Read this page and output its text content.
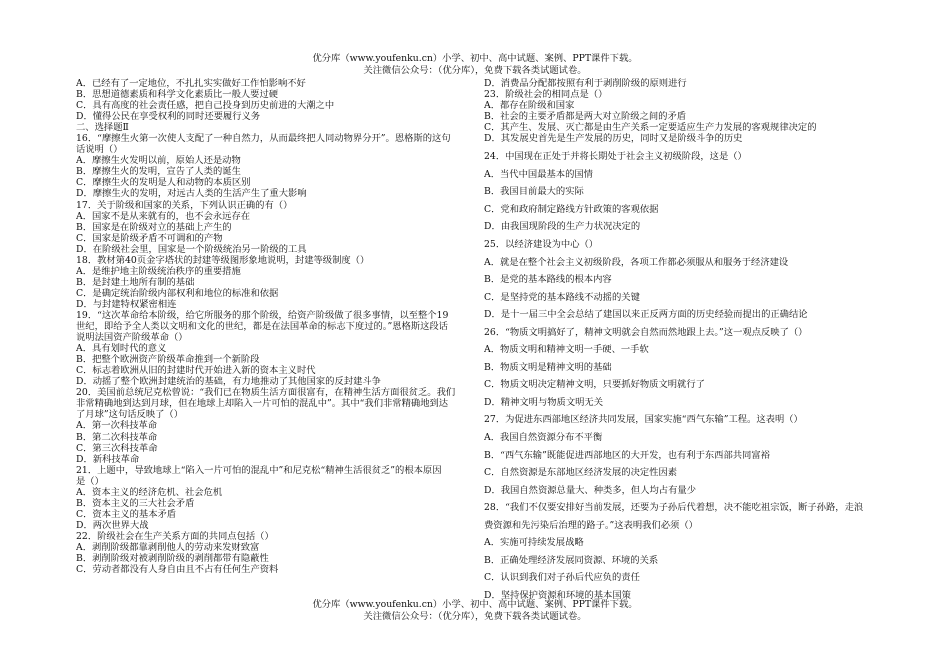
优分库（www.youfenku.cn）小学、初中、高中试题、案例、PPT课件下载。
关注微信公众号：（优分库），免费下载各类试题试卷。
A．已经有了一定地位，不扎扎实实做好工作怕影响不好
B．思想道德素质和科学文化素质比一般人要过硬
C．具有高度的社会责任感，把自己投身到历史前进的大潮之中
D．懂得公民在享受权利的同时还要履行义务
二、选择题Ⅱ
16．“摩擦生火第一次使人支配了一种自然力，从而最终把人同动物界分开”。恩格斯的这句
话说明（）
A．摩擦生火发明以前，原始人还是动物
B．摩擦生火的发明，宣告了人类的诞生
C．摩擦生火的发明是人和动物的本质区别
D．摩擦生火的发明，对远古人类的生活产生了重大影响
17．关于阶级和国家的关系，下列认识正确的有（）
A．国家不是从来就有的，也不会永远存在
B．国家是在阶级对立的基础上产生的
C．国家是阶级矛盾不可调和的产物
D．在阶级社会里，国家是一个阶级统治另一阶级的工具
18．教材第40页金字塔状的封建等级图形象地说明，封建等级制度（）
A．是维护地主阶级统治秩序的重要措施
B．是封建土地所有制的基础
C．是确定统治阶级内部权利和地位的标准和依据
D．与封建特权紧密相连
19．“这次革命给本阶级，给它所服务的那个阶级，给资产阶级做了很多事情，以至整个19
世纪，即给予全人类以文明和文化的世纪，都是在法国革命的标志下度过的。”恩格斯这段话
说明法国资产阶级革命（）
A．具有划时代的意义
B．把整个欧洲资产阶级革命推到一个新阶段
C．标志着欧洲从旧的封建时代开始进入新的资本主义时代
D．动摇了整个欧洲封建统治的基础，有力地推动了其他国家的反封建斗争
20．美国前总统尼克松曾说：“我们已在物质生活方面很富有，在精神生活方面很贫乏。我们
非常精确地到达到月球，但在地球上却陷入一片可怕的混乱中”。其中“我们非常精确地到达
了月球”这句话反映了（）
A．第一次科技革命
B．第二次科技革命
C．第三次科技革命
D．新科技革命
21．上题中，导致地球上“陷入一片可怕的混乱中”和尼克松“精神生活很贫乏”的根本原因
是（）
A．资本主义的经济危机、社会危机
B．资本主义的三大社会矛盾
C．资本主义的基本矛盾
D．两次世界大战
22．阶级社会在生产关系方面的共同点包括（）
A．剥削阶级都靠剥削他人的劳动来发财致富
B．剥削阶级对被剥削阶级的剥削都带有隐蔽性
C．劳动者都没有人身自由且不占有任何生产资料
D．消费品分配都按照有利于剥削阶级的原则进行
23．阶级社会的相同点是（）
A．都存在阶级和国家
B．社会的主要矛盾都是两大对立阶级之间的矛盾
C．其产生、发展、灭亡都是由生产关系一定要适应生产力发展的客观规律决定的
D．其发展史首先是生产发展的历史，同时又是阶级斗争的历史
24．中国现在正处于并将长期处于社会主义初级阶段，这是（）
A．当代中国最基本的国情
B．我国目前最大的实际
C．党和政府制定路线方针政策的客观依据
D．由我国现阶段的生产力状况决定的
25．以经济建设为中心（）
A．就是在整个社会主义初级阶段，各项工作都必须服从和服务于经济建设
B．是党的基本路线的根本内容
C．是坚持党的基本路线不动摇的关键
D．是十一届三中全会总结了建国以来正反两方面的历史经验而提出的正确结论
26．“物质文明搞好了，精神文明就会自然而然地跟上去。”这一观点反映了（）
A．物质文明和精神文明一手硬、一手软
B．物质文明是精神文明的基础
C．物质文明决定精神文明，只要抓好物质文明就行了
D．精神文明与物质文明无关
27．为促进东西部地区经济共同发展，国家实施“西气东输”工程。这表明（）
A．我国自然资源分布不平衡
B．“西气东输”既能促进西部地区的大开发，也有利于东西部共同富裕
C．自然资源是东部地区经济发展的决定性因素
D．我国自然资源总量大、种类多，但人均占有量少
28．“我们不仅要安排好当前发展，还要为子孙后代着想，决不能吃祖宗饭，断子孙路，走浪
费资源和先污染后治理的路子。”这表明我们必须（）
A．实施可持续发展战略
B．正确处理经济发展同资源、环境的关系
C．认识到我们对子孙后代应负的责任
D．坚持保护资源和环境的基本国策
优分库（www.youfenku.cn）小学、初中、高中试题、案例、PPT课件下载。
关注微信公众号：（优分库），免费下载各类试题试卷。
